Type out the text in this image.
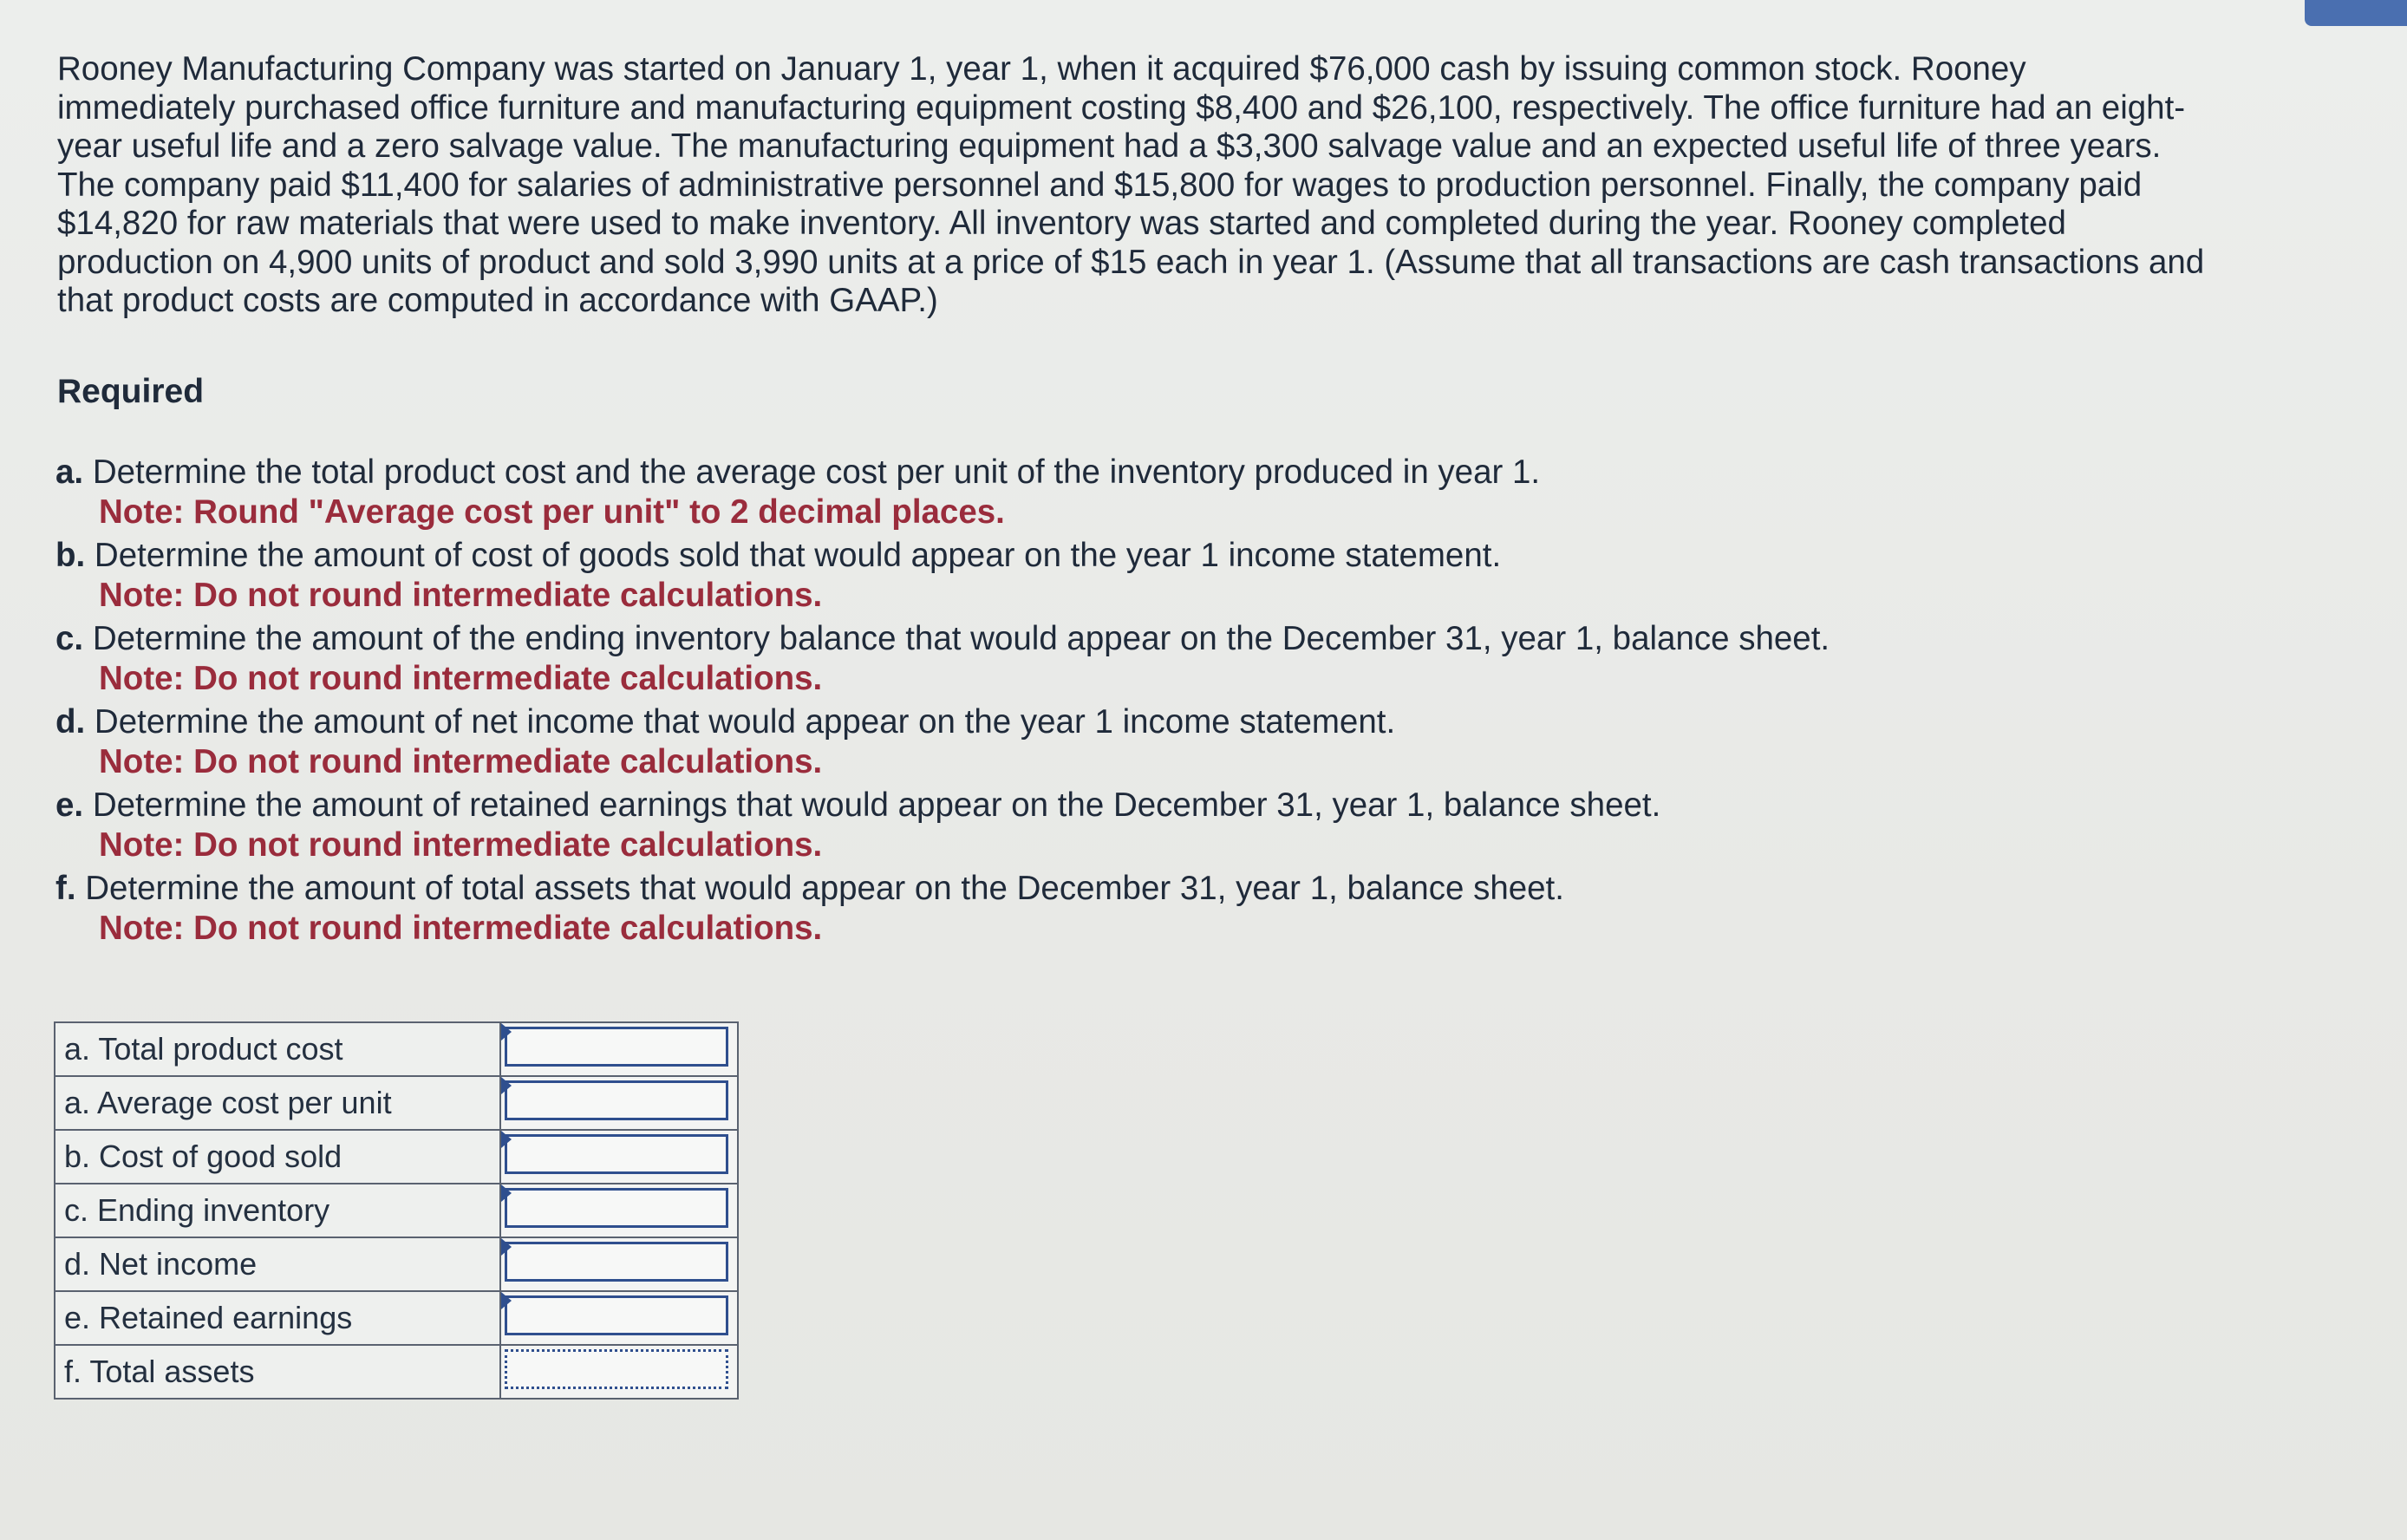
Rooney Manufacturing Company was started on January 1, year 1, when it acquired $76,000 cash by issuing common stock. Rooney immediately purchased office furniture and manufacturing equipment costing $8,400 and $26,100, respectively. The office furniture had an eight-year useful life and a zero salvage value. The manufacturing equipment had a $3,300 salvage value and an expected useful life of three years. The company paid $11,400 for salaries of administrative personnel and $15,800 for wages to production personnel. Finally, the company paid $14,820 for raw materials that were used to make inventory. All inventory was started and completed during the year. Rooney completed production on 4,900 units of product and sold 3,990 units at a price of $15 each in year 1. (Assume that all transactions are cash transactions and that product costs are computed in accordance with GAAP.)

Required
a. Determine the total product cost and the average cost per unit of the inventory produced in year 1.
Note: Round "Average cost per unit" to 2 decimal places.
b. Determine the amount of cost of goods sold that would appear on the year 1 income statement.
Note: Do not round intermediate calculations.
c. Determine the amount of the ending inventory balance that would appear on the December 31, year 1, balance sheet.
Note: Do not round intermediate calculations.
d. Determine the amount of net income that would appear on the year 1 income statement.
Note: Do not round intermediate calculations.
e. Determine the amount of retained earnings that would appear on the December 31, year 1, balance sheet.
Note: Do not round intermediate calculations.
f. Determine the amount of total assets that would appear on the December 31, year 1, balance sheet.
Note: Do not round intermediate calculations.
a. Total product cost	

a. Average cost per unit	

b. Cost of good sold	

c. Ending inventory	

d. Net income	

e. Retained earnings	

f. Total assets	
